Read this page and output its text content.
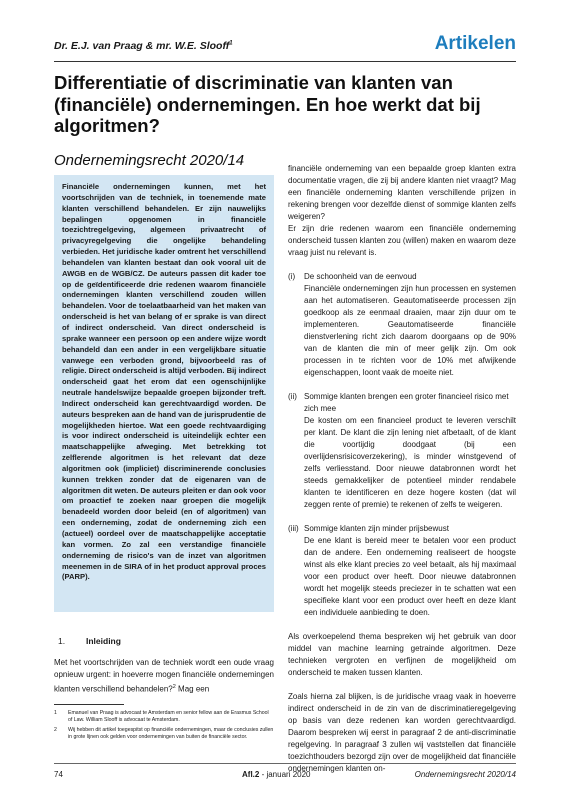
Dr. E.J. van Praag & mr. W.E. Slooff$^1$	Artikelen
Differentiatie of discriminatie van klanten van (financiële) ondernemingen. En hoe werkt dat bij algoritmen?
Ondernemingsrecht 2020/14

Financiële ondernemingen kunnen, met het voortschrijden van de techniek, in toenemende mate klanten verschillend behandelen. Er zijn nauwelijks bepalingen opgenomen in financiële toezichtregelgeving, algemeen privaatrecht of privacyregelgeving die ongelijke behandeling verbieden. Het juridische kader omtrent het verschillend behandelen van klanten bestaat dan ook vooral uit de AWGB en de WGB/CZ. De auteurs passen dit kader toe op de geïdentificeerde drie redenen waarom financiële ondernemingen klanten verschillend zouden willen behandelen. Voor de toelaatbaarheid van het maken van onderscheid is het van belang of er sprake is van direct of indirect onderscheid. Van direct onderscheid is sprake wanneer een persoon op een andere wijze wordt behandeld dan een ander in een vergelijkbare situatie vanwege een verboden grond, bijvoorbeeld ras of religie. Direct onderscheid is altijd verboden. Bij indirect onderscheid gaat het erom dat een ogenschijnlijke neutrale handelswijze bepaalde groepen bijzonder treft. Indirect onderscheid kan gerechtvaardigd worden. De auteurs bespreken aan de hand van de jurisprudentie de mogelijkheden hiertoe. Wat een goede rechtvaardiging is voor indirect onderscheid is uiteindelijk echter een maatschappelijke afweging. Met betrekking tot zelflerende algoritmen is het relevant dat deze algoritmen ook (impliciet) discriminerende conclusies kunnen trekken zonder dat de eigenaren van de algoritmen dit weten. De auteurs pleiten er dan ook voor om proactief te zoeken naar groepen die mogelijk benadeeld worden door beleid (en of algoritmen) van een onderneming, zodat de onderneming zich een (actueel) oordeel over de maatschappelijke acceptatie kan vormen. Zo zal een verstandige financiële onderneming de risico's van de inzet van algoritmen meenemen in de SIRA of in het product approval proces (PARP).

1. Inleiding

Met het voortschrijden van de techniek wordt een oude vraag opnieuw urgent: in hoeverre mogen financiële ondernemingen klanten verschillend behandelen?$^2$ Mag een

1	Emanuel van Praag is advocaat te Amsterdam en senior fellow aan de Erasmus School of Law. William Slooff is advocaat te Amsterdam.
2	Wij hebben dit artikel toegespitst op financiële ondernemingen, maar de conclusies zullen in grote lijnen ook gelden voor ondernemingen van buiten de financiële sector.

financiële onderneming van een bepaalde groep klanten extra documentatie vragen, die zij bij andere klanten niet vraagt? Mag een financiële onderneming klanten verschillende prijzen in rekening brengen voor dezelfde dienst of sommige klanten zelfs weigeren?

Er zijn drie redenen waarom een financiële onderneming onderscheid tussen klanten zou (willen) maken en waarom deze vraag juist nu relevant is.

(i)	De schoonheid van de eenvoud
Financiële ondernemingen zijn hun processen en systemen aan het automatiseren. Geautomatiseerde processen zijn goedkoop als ze eenmaal draaien, maar zijn duur om te implementeren. Geautomatiseerde financiële dienstverlening richt zich daarom doorgaans op de 90% van de klanten die min of meer gelijk zijn. Om ook processen in te richten voor de 10% met afwijkende eigenschappen, loont vaak de moeite niet.
(ii) Sommige klanten brengen een groter financieel risico met zich mee
De kosten om een financieel product te leveren verschilt per klant. De klant die zijn lening niet afbetaalt, of de klant die voortijdig doodgaat (bij een overlijdensrisicoverzekering), is minder winstgevend of zelfs verliesstand. Door nieuwe databronnen wordt het steeds gemakkelijker de potentieel minder rendabele klanten te identificeren en deze hogere kosten (dat wil zeggen rente of premie) te rekenen of zelfs te weigeren.
(iii) Sommige klanten zijn minder prijsbewust
De ene klant is bereid meer te betalen voor een product dan de andere. Een onderneming realiseert de hoogste winst als elke klant precies zo veel betaalt, als hij maximaal voor een product over heeft. Door nieuwe databronnen wordt het mogelijk steeds preciezer in te schatten wat een specifieke klant voor een product over heeft en deze klant een individuele aanbieding te doen.

Als overkoepelend thema bespreken wij het gebruik van door middel van machine learning getrainde algoritmen. Deze technieken vergroten en verfijnen de mogelijkheid om onderscheid te maken tussen klanten.

Zoals hierna zal blijken, is de juridische vraag vaak in hoeverre indirect onderscheid in de zin van de discriminatieregelgeving op basis van deze redenen kan worden gerechtvaardigd. Daarom bespreken wij eerst in paragraaf 2 de anti-discriminatie regelgeving. In paragraaf 3 zullen wij vaststellen dat financiële toezichthouders bezorgd zijn over de mogelijkheid dat financiële ondernemingen klanten on-

74	Afl.2 - januari 2020	Ondernemingsrecht 2020/14
